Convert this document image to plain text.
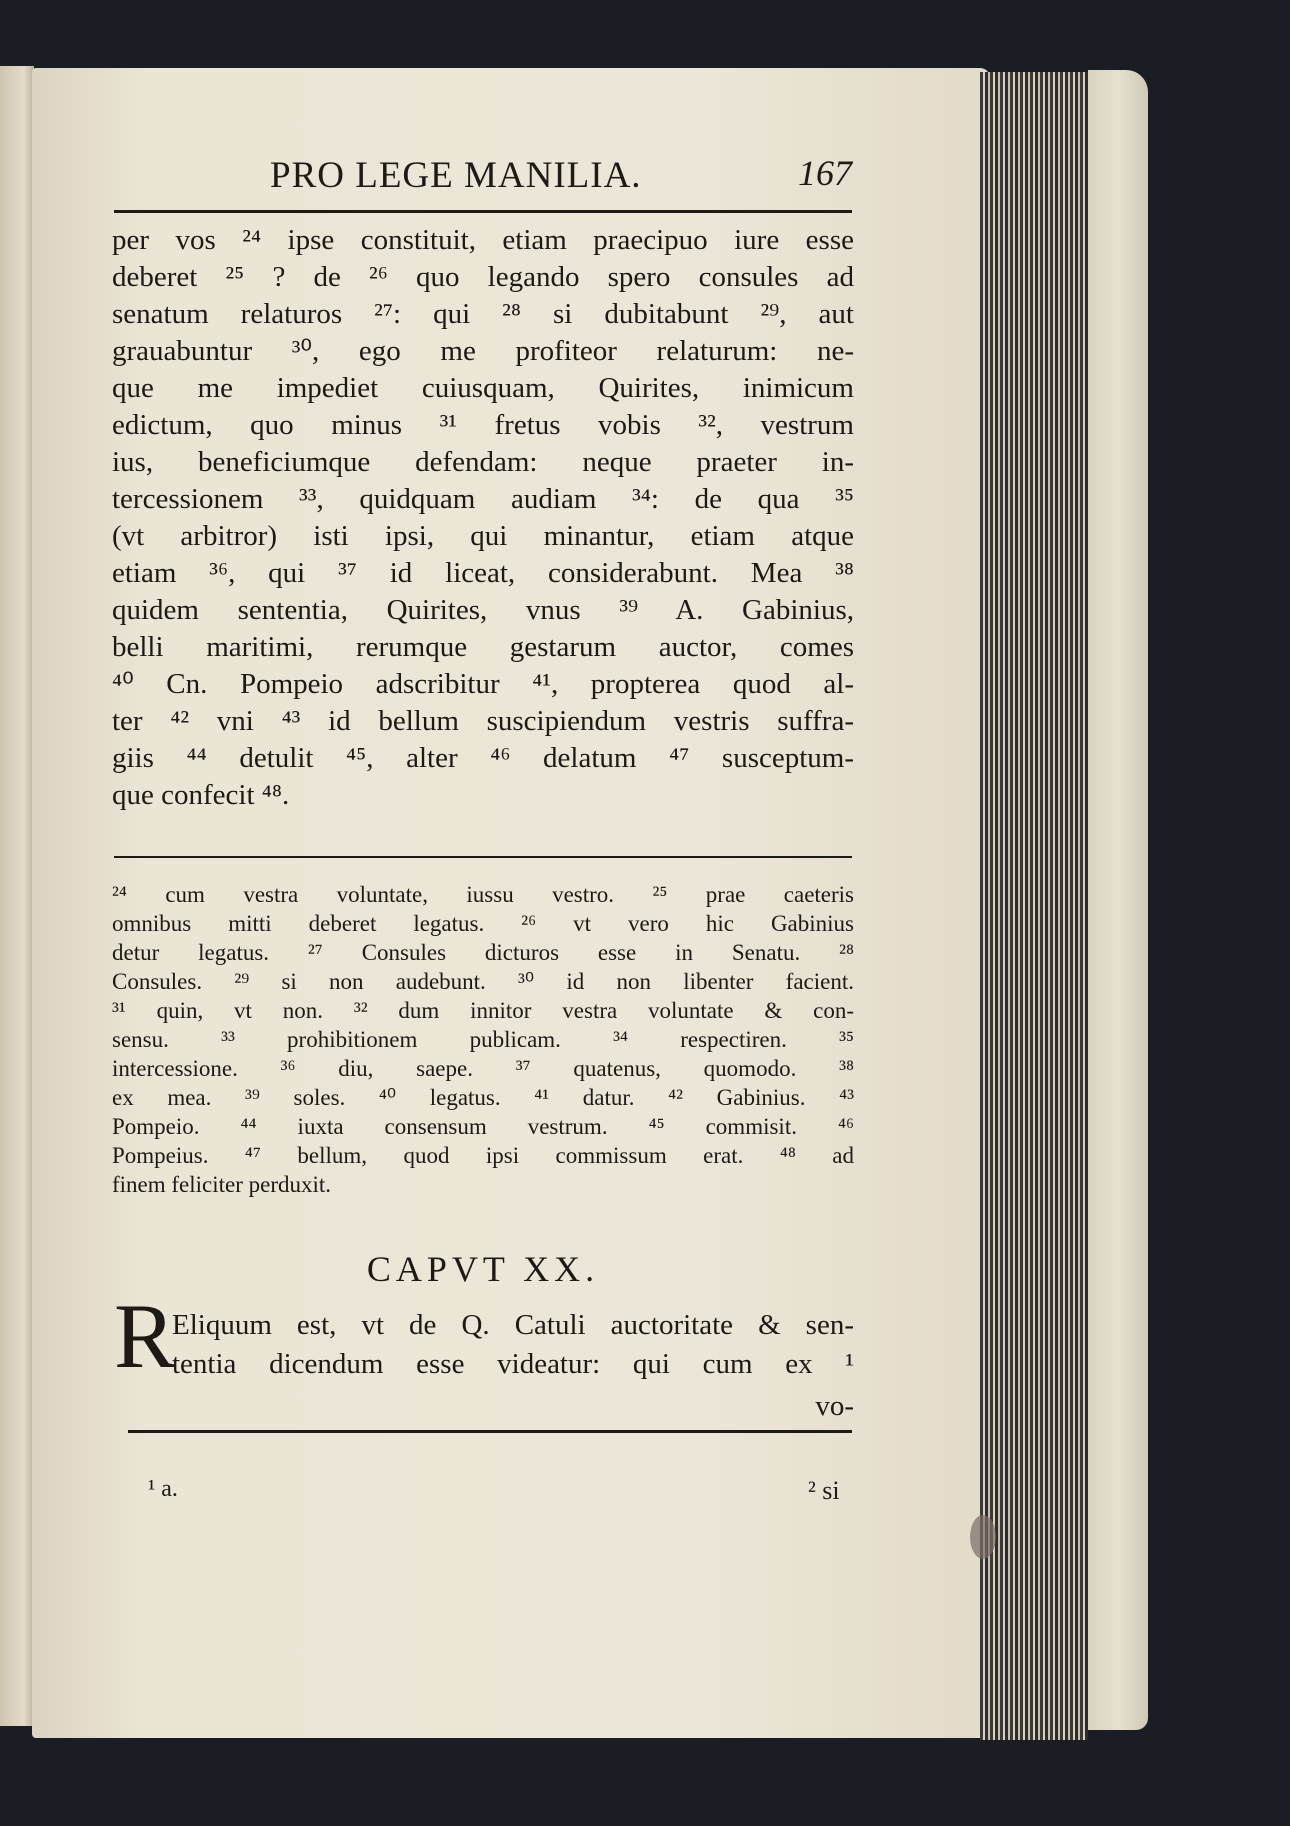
PRO LEGE MANILIA.	167
per vos ²⁴ ipse constituit, etiam praecipuo iure esse
deberet ²⁵ ? de ²⁶ quo legando spero consules ad
senatum relaturos ²⁷: qui ²⁸ si dubitabunt ²⁹, aut
grauabuntur ³⁰, ego me profiteor relaturum: ne-
que me impediet cuiusquam, Quirites, inimicum
edictum, quo minus ³¹ fretus vobis ³², vestrum
ius, beneficiumque defendam: neque praeter in-
tercessionem ³³, quidquam audiam ³⁴: de qua ³⁵
(vt arbitror) isti ipsi, qui minantur, etiam atque
etiam ³⁶, qui ³⁷ id liceat, considerabunt. Mea ³⁸
quidem sententia, Quirites, vnus ³⁹ A. Gabinius,
belli maritimi, rerumque gestarum auctor, comes
⁴⁰ Cn. Pompeio adscribitur ⁴¹, propterea quod al-
ter ⁴² vni ⁴³ id bellum suscipiendum vestris suffra-
giis ⁴⁴ detulit ⁴⁵, alter ⁴⁶ delatum ⁴⁷ susceptum-
que confecit ⁴⁸.
²⁴ cum vestra voluntate, iussu vestro. ²⁵ prae caeteris
omnibus mitti deberet legatus. ²⁶ vt vero hic Gabinius
detur legatus. ²⁷ Consules dicturos esse in Senatu. ²⁸
Consules. ²⁹ si non audebunt. ³⁰ id non libenter facient.
³¹ quin, vt non. ³² dum innitor vestra voluntate & con-
sensu. ³³ prohibitionem publicam. ³⁴ respectiren. ³⁵
intercessione. ³⁶ diu, saepe. ³⁷ quatenus, quomodo. ³⁸
ex mea. ³⁹ soles. ⁴⁰ legatus. ⁴¹ datur. ⁴² Gabinius. ⁴³
Pompeio. ⁴⁴ iuxta consensum vestrum. ⁴⁵ commisit. ⁴⁶
Pompeius. ⁴⁷ bellum, quod ipsi commissum erat. ⁴⁸ ad
finem feliciter perduxit.
CAPVT XX.
R
Eliquum est, vt de Q. Catuli auctoritate & sen-
tentia dicendum esse videatur: qui cum ex ¹
vo-
¹ a.	² si
